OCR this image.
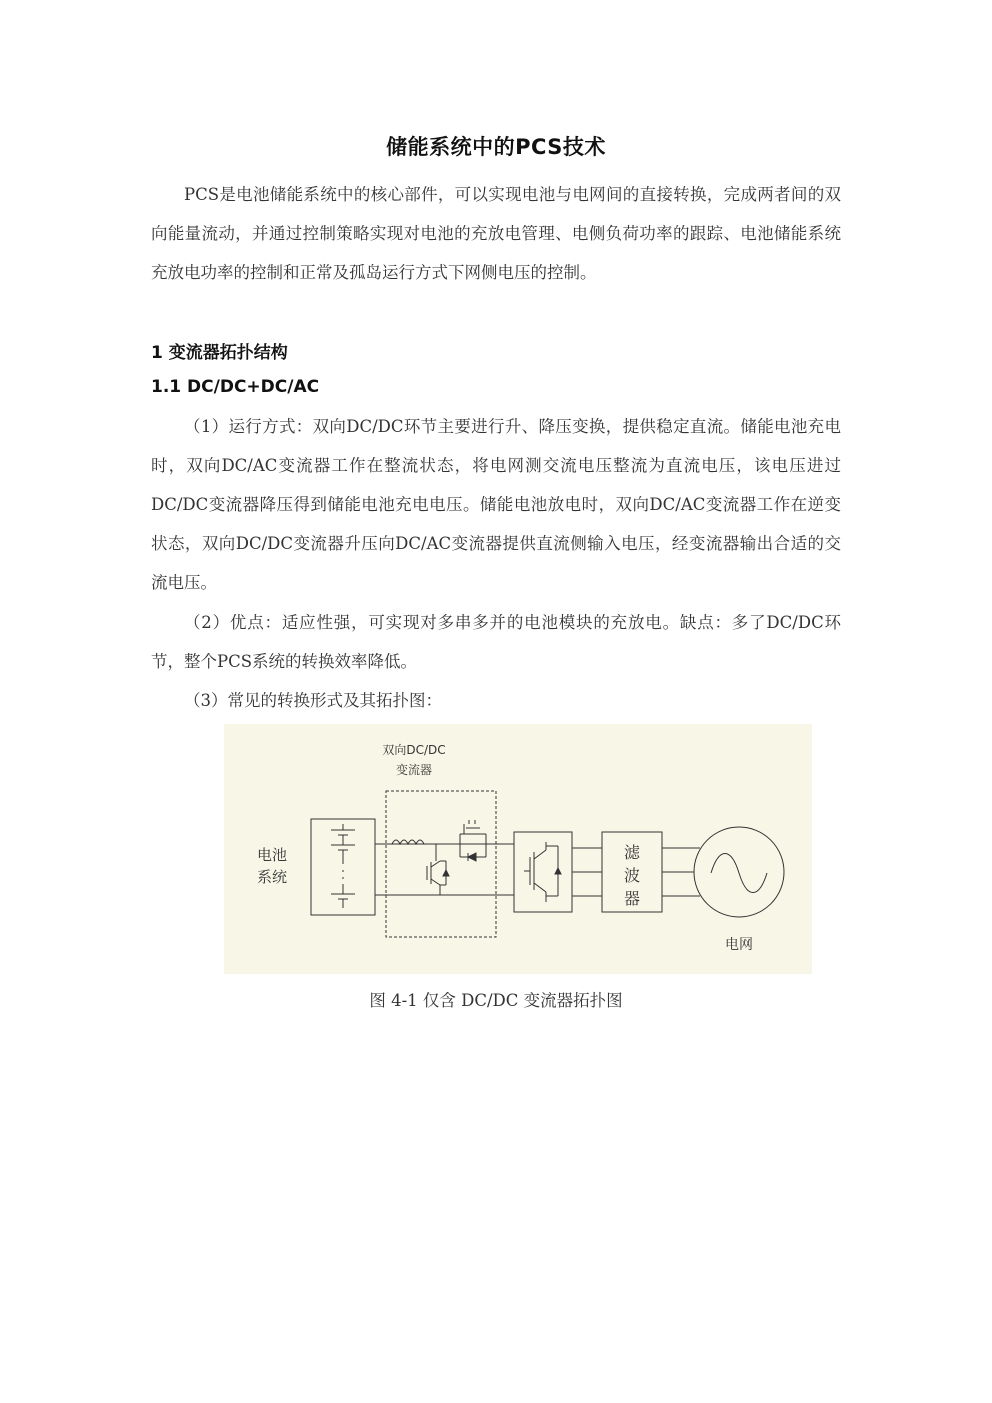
储能系统中的PCS技术

PCS是电池储能系统中的核心部件，可以实现电池与电网间的直接转换，完成两者间的双向能量流动，并通过控制策略实现对电池的充放电管理、电侧负荷功率的跟踪、电池储能系统充放电功率的控制和正常及孤岛运行方式下网侧电压的控制。

1 变流器拓扑结构
1.1 DC/DC+DC/AC

（1）运行方式：双向DC/DC环节主要进行升、降压变换，提供稳定直流。储能电池充电时，双向DC/AC变流器工作在整流状态，将电网测交流电压整流为直流电压，该电压进过DC/DC变流器降压得到储能电池充电电压。储能电池放电时，双向DC/AC变流器工作在逆变状态，双向DC/DC变流器升压向DC/AC变流器提供直流侧输入电压，经变流器输出合适的交流电压。

（2）优点：适应性强，可实现对多串多并的电池模块的充放电。缺点：多了DC/DC环节，整个PCS系统的转换效率降低。

（3）常见的转换形式及其拓扑图：

双向DC/DC
变流器
电池
系统
电网
滤
波
器
图 4-1 仅含 DC/DC 变流器拓扑图
